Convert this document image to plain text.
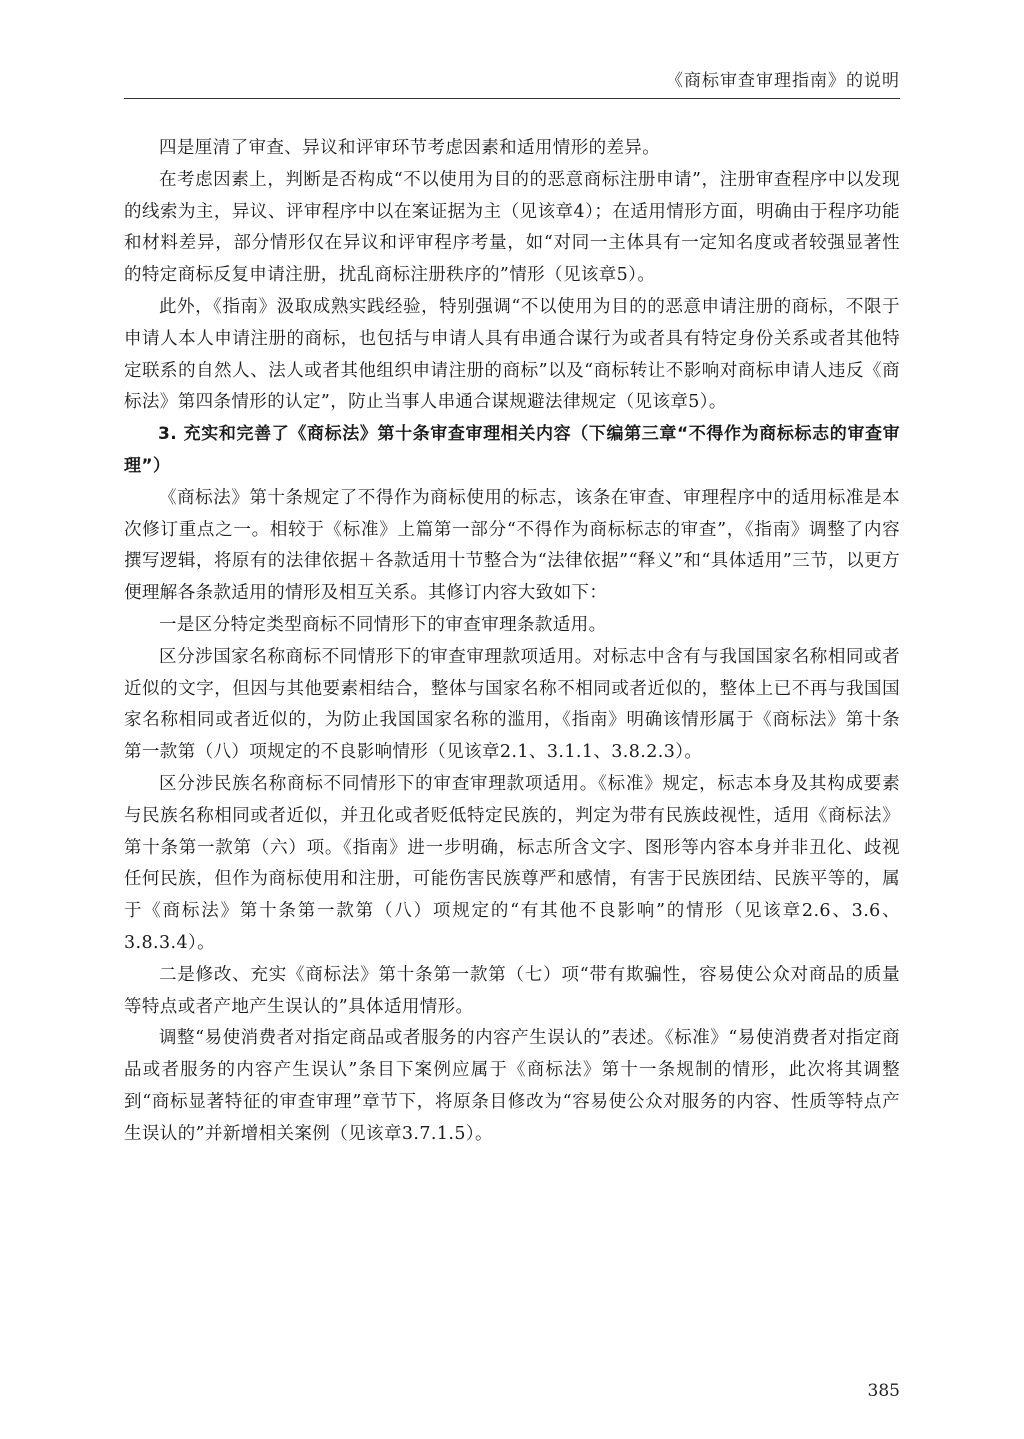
《商标审查审理指南》的说明

四是厘清了审查、异议和评审环节考虑因素和适用情形的差异。

在考虑因素上，判断是否构成“不以使用为目的的恶意商标注册申请”，注册审查程序中以发现的线索为主，异议、评审程序中以在案证据为主（见该章4）；在适用情形方面，明确由于程序功能和材料差异，部分情形仅在异议和评审程序考量，如“对同一主体具有一定知名度或者较强显著性的特定商标反复申请注册，扰乱商标注册秩序的”情形（见该章5）。

此外，《指南》汲取成熟实践经验，特别强调“不以使用为目的的恶意申请注册的商标，不限于申请人本人申请注册的商标，也包括与申请人具有串通合谋行为或者具有特定身份关系或者其他特定联系的自然人、法人或者其他组织申请注册的商标”以及“商标转让不影响对商标申请人违反《商标法》第四条情形的认定”，防止当事人串通合谋规避法律规定（见该章5）。

3. 充实和完善了《商标法》第十条审查审理相关内容（下编第三章“不得作为商标标志的审查审理”）

《商标法》第十条规定了不得作为商标使用的标志，该条在审查、审理程序中的适用标准是本次修订重点之一。相较于《标准》上篇第一部分“不得作为商标标志的审查”，《指南》调整了内容撰写逻辑，将原有的法律依据＋各款适用十节整合为“法律依据”“释义”和“具体适用”三节，以更方便理解各条款适用的情形及相互关系。其修订内容大致如下：

一是区分特定类型商标不同情形下的审查审理条款适用。

区分涉国家名称商标不同情形下的审查审理款项适用。对标志中含有与我国国家名称相同或者近似的文字，但因与其他要素相结合，整体与国家名称不相同或者近似的，整体上已不再与我国国家名称相同或者近似的，为防止我国国家名称的滥用，《指南》明确该情形属于《商标法》第十条第一款第（八）项规定的不良影响情形（见该章2.1、3.1.1、3.8.2.3）。

区分涉民族名称商标不同情形下的审查审理款项适用。《标准》规定，标志本身及其构成要素与民族名称相同或者近似，并丑化或者贬低特定民族的，判定为带有民族歧视性，适用《商标法》第十条第一款第（六）项。《指南》进一步明确，标志所含文字、图形等内容本身并非丑化、歧视任何民族，但作为商标使用和注册，可能伤害民族尊严和感情，有害于民族团结、民族平等的，属于《商标法》第十条第一款第（八）项规定的“有其他不良影响”的情形（见该章2.6、3.6、3.8.3.4）。

二是修改、充实《商标法》第十条第一款第（七）项“带有欺骗性，容易使公众对商品的质量等特点或者产地产生误认的”具体适用情形。

调整“易使消费者对指定商品或者服务的内容产生误认的”表述。《标准》“易使消费者对指定商品或者服务的内容产生误认”条目下案例应属于《商标法》第十一条规制的情形，此次将其调整到“商标显著特征的审查审理”章节下，将原条目修改为“容易使公众对服务的内容、性质等特点产生误认的”并新增相关案例（见该章3.7.1.5）。

385
